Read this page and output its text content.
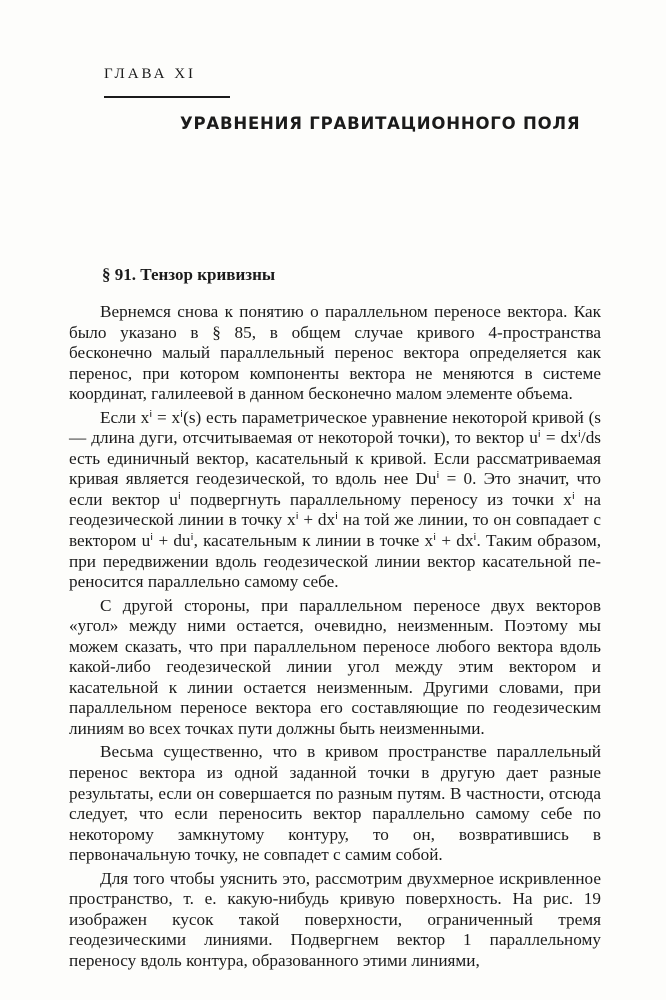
ГЛАВА XI
УРАВНЕНИЯ ГРАВИТАЦИОННОГО ПОЛЯ
§ 91. Тензор кривизны

Вернемся снова к понятию о параллельном переносе вектора. Как было указано в § 85, в общем случае кривого 4-пространства бесконечно малый параллельный перенос вектора определяется как перенос, при котором компоненты вектора не меняются в системе координат, галилеевой в данном бесконечно малом элементе объема.

Если xⁱ = xⁱ(s) есть параметрическое уравнение некоторой кривой (s — длина дуги, отсчитываемая от некоторой точки), то вектор uⁱ = dxⁱ/ds есть единичный вектор, касательный к кривой. Если рассматриваемая кривая является геодезической, то вдоль нее Duⁱ = 0. Это значит, что если вектор uⁱ подвергнуть параллельному переносу из точки xⁱ на геодезической линии в точку xⁱ + dxⁱ на той же линии, то он совпадает с вектором uⁱ + duⁱ, касательным к линии в точке xⁱ + dxⁱ. Таким образом, при передвижении вдоль геодезической линии вектор касательной переносится параллельно самому себе.

С другой стороны, при параллельном переносе двух векторов «угол» между ними остается, очевидно, неизменным. Поэтому мы можем сказать, что при параллельном переносе любого вектора вдоль какой-либо геодезической линии угол между этим вектором и касательной к линии остается неизменным. Другими словами, при параллельном переносе вектора его составляющие по геодезическим линиям во всех точках пути должны быть неизменными.

Весьма существенно, что в кривом пространстве параллельный перенос вектора из одной заданной точки в другую дает разные результаты, если он совершается по разным путям. В частности, отсюда следует, что если переносить вектор параллельно самому себе по некоторому замкнутому контуру, то он, возвратившись в первоначальную точку, не совпадет с самим собой.

Для того чтобы уяснить это, рассмотрим двухмерное искривленное пространство, т. е. какую-нибудь кривую поверхность. На рис. 19 изображен кусок такой поверхности, ограниченный тремя геодезическими линиями. Подвергнем вектор 1 параллельному переносу вдоль контура, образованного этими линиями,
